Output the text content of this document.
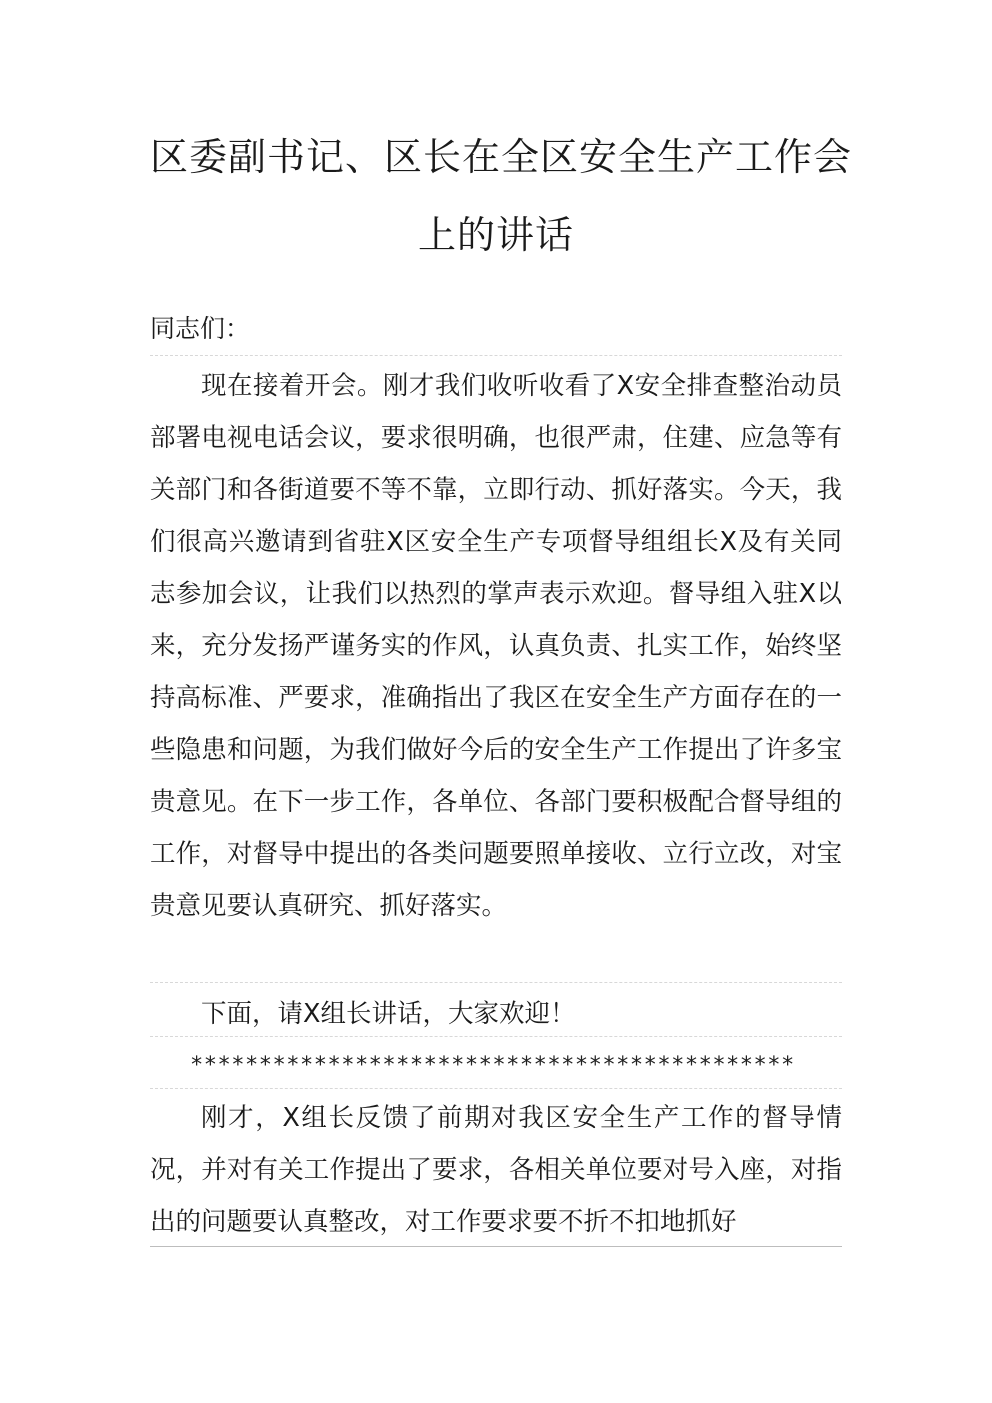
区委副书记、区长在全区安全生产工作会
上的讲话
同志们：

现在接着开会。刚才我们收听收看了X安全排查整治动员部署电视电话会议，要求很明确，也很严肃，住建、应急等有关部门和各街道要不等不靠，立即行动、抓好落实。今天，我们很高兴邀请到省驻X区安全生产专项督导组组长X及有关同志参加会议，让我们以热烈的掌声表示欢迎。督导组入驻X以来，充分发扬严谨务实的作风，认真负责、扎实工作，始终坚持高标准、严要求，准确指出了我区在安全生产方面存在的一些隐患和问题，为我们做好今后的安全生产工作提出了许多宝贵意见。在下一步工作，各单位、各部门要积极配合督导组的工作，对督导中提出的各类问题要照单接收、立行立改，对宝贵意见要认真研究、抓好落实。

下面，请X组长讲话，大家欢迎！

********************************************

刚才，X组长反馈了前期对我区安全生产工作的督导情况，并对有关工作提出了要求，各相关单位要对号入座，对指出的问题要认真整改，对工作要求要不折不扣地抓好
